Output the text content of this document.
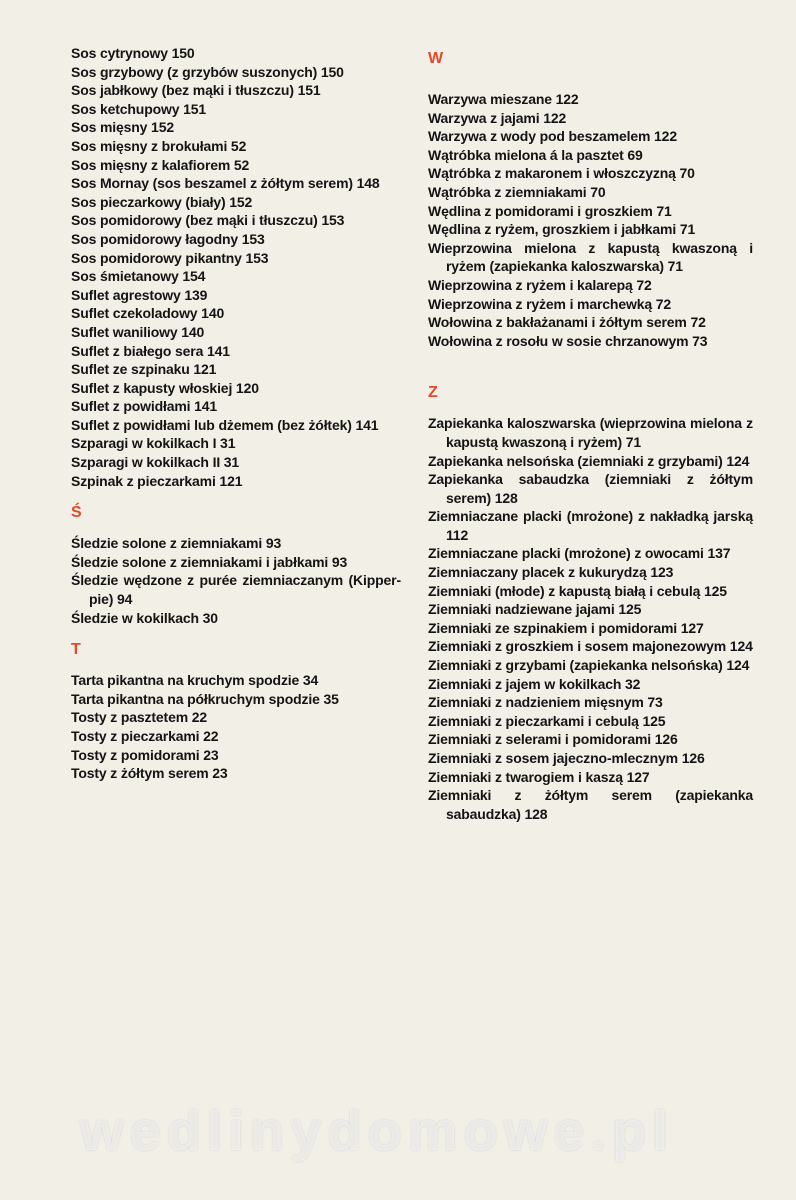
Sos cytrynowy 150
Sos grzybowy (z grzybów suszonych) 150
Sos jabłkowy (bez mąki i tłuszczu) 151
Sos ketchupowy 151
Sos mięsny 152
Sos mięsny z brokułami 52
Sos mięsny z kalafiorem 52
Sos Mornay (sos beszamel z żółtym serem) 148
Sos pieczarkowy (biały) 152
Sos pomidorowy (bez mąki i tłuszczu) 153
Sos pomidorowy łagodny 153
Sos pomidorowy pikantny 153
Sos śmietanowy 154
Suflet agrestowy 139
Suflet czekoladowy 140
Suflet waniliowy 140
Suflet z białego sera 141
Suflet ze szpinaku 121
Suflet z kapusty włoskiej 120
Suflet z powidłami 141
Suflet z powidłami lub dżemem (bez żółtek) 141
Szparagi w kokilkach I 31
Szparagi w kokilkach II 31
Szpinak z pieczarkami 121
Ś
Śledzie solone z ziemniakami 93
Śledzie solone z ziemniakami i jabłkami 93
Śledzie wędzone z purée ziemniaczanym (Kipper-pie) 94
Śledzie w kokilkach 30
T
Tarta pikantna na kruchym spodzie 34
Tarta pikantna na półkruchym spodzie 35
Tosty z pasztetem 22
Tosty z pieczarkami 22
Tosty z pomidorami 23
Tosty z żółtym serem 23
W
Warzywa mieszane 122
Warzywa z jajami 122
Warzywa z wody pod beszamelem 122
Wątróbka mielona á la pasztet 69
Wątróbka z makaronem i włoszczyzną 70
Wątróbka z ziemniakami 70
Wędlina z pomidorami i groszkiem 71
Wędlina z ryżem, groszkiem i jabłkami 71
Wieprzowina mielona z kapustą kwaszoną i ryżem (zapiekanka kaloszwarska) 71
Wieprzowina z ryżem i kalarepą 72
Wieprzowina z ryżem i marchewką 72
Wołowina z bakłażanami i żółtym serem 72
Wołowina z rosołu w sosie chrzanowym 73
Z
Zapiekanka kaloszwarska (wieprzowina mielona z kapustą kwaszoną i ryżem) 71
Zapiekanka nelsońska (ziemniaki z grzybami) 124
Zapiekanka sabaudzka (ziemniaki z żółtym serem) 128
Ziemniaczane placki (mrożone) z nakładką jarską 112
Ziemniaczane placki (mrożone) z owocami 137
Ziemniaczany placek z kukurydzą 123
Ziemniaki (młode) z kapustą białą i cebulą 125
Ziemniaki nadziewane jajami 125
Ziemniaki ze szpinakiem i pomidorami 127
Ziemniaki z groszkiem i sosem majonezowym 124
Ziemniaki z grzybami (zapiekanka nelsońska) 124
Ziemniaki z jajem w kokilkach 32
Ziemniaki z nadzieniem mięsnym 73
Ziemniaki z pieczarkami i cebulą 125
Ziemniaki z selerami i pomidorami 126
Ziemniaki z sosem jajeczno-mlecznym 126
Ziemniaki z twarogiem i kaszą 127
Ziemniaki z żółtym serem (zapiekanka sabaudzka) 128
wedlinydomowe.pl
